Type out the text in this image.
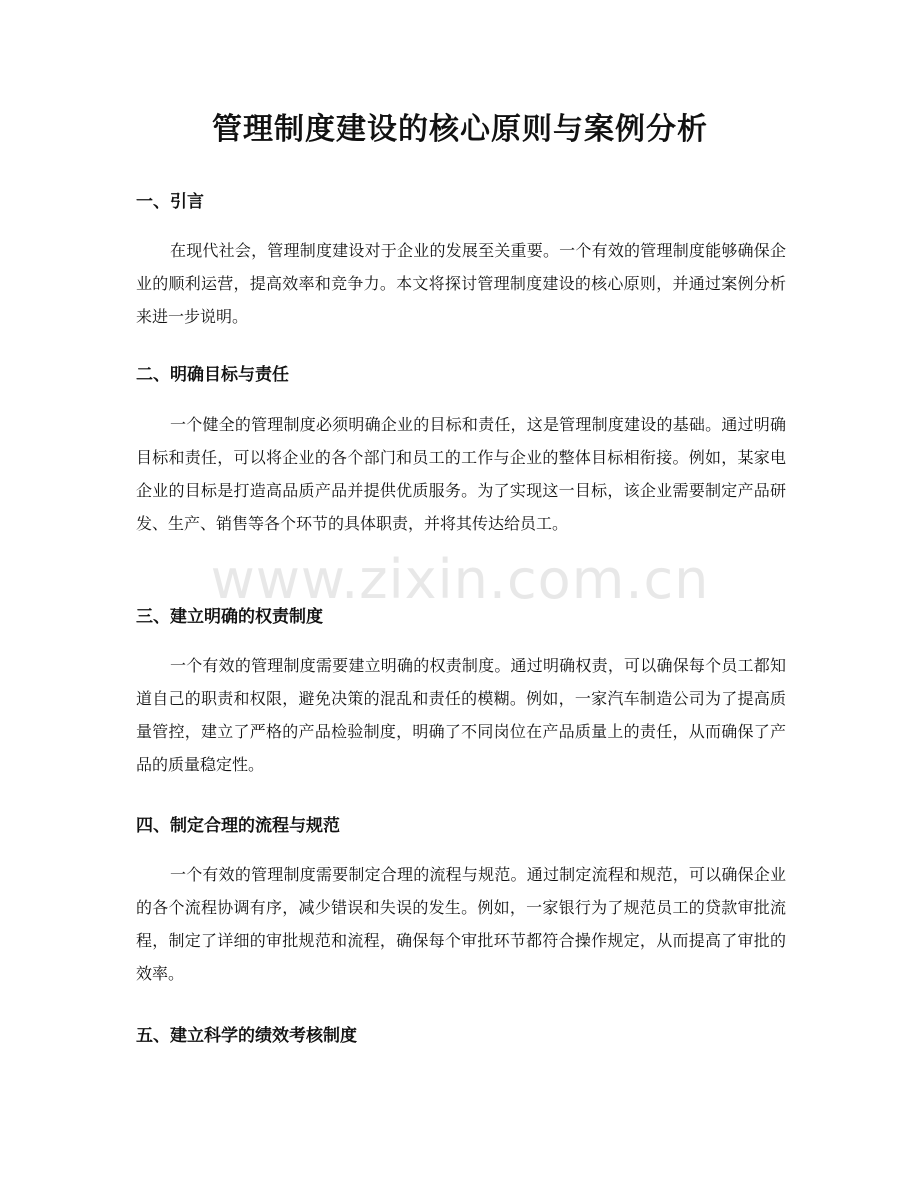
管理制度建设的核心原则与案例分析
一、引言

在现代社会，管理制度建设对于企业的发展至关重要。一个有效的管理制度能够确保企业的顺利运营，提高效率和竞争力。本文将探讨管理制度建设的核心原则，并通过案例分析来进一步说明。

二、明确目标与责任

一个健全的管理制度必须明确企业的目标和责任，这是管理制度建设的基础。通过明确目标和责任，可以将企业的各个部门和员工的工作与企业的整体目标相衔接。例如，某家电企业的目标是打造高品质产品并提供优质服务。为了实现这一目标，该企业需要制定产品研发、生产、销售等各个环节的具体职责，并将其传达给员工。

三、建立明确的权责制度

一个有效的管理制度需要建立明确的权责制度。通过明确权责，可以确保每个员工都知道自己的职责和权限，避免决策的混乱和责任的模糊。例如，一家汽车制造公司为了提高质量管控，建立了严格的产品检验制度，明确了不同岗位在产品质量上的责任，从而确保了产品的质量稳定性。

四、制定合理的流程与规范

一个有效的管理制度需要制定合理的流程与规范。通过制定流程和规范，可以确保企业的各个流程协调有序，减少错误和失误的发生。例如，一家银行为了规范员工的贷款审批流程，制定了详细的审批规范和流程，确保每个审批环节都符合操作规定，从而提高了审批的效率。

五、建立科学的绩效考核制度
www.zixin.com.cn
